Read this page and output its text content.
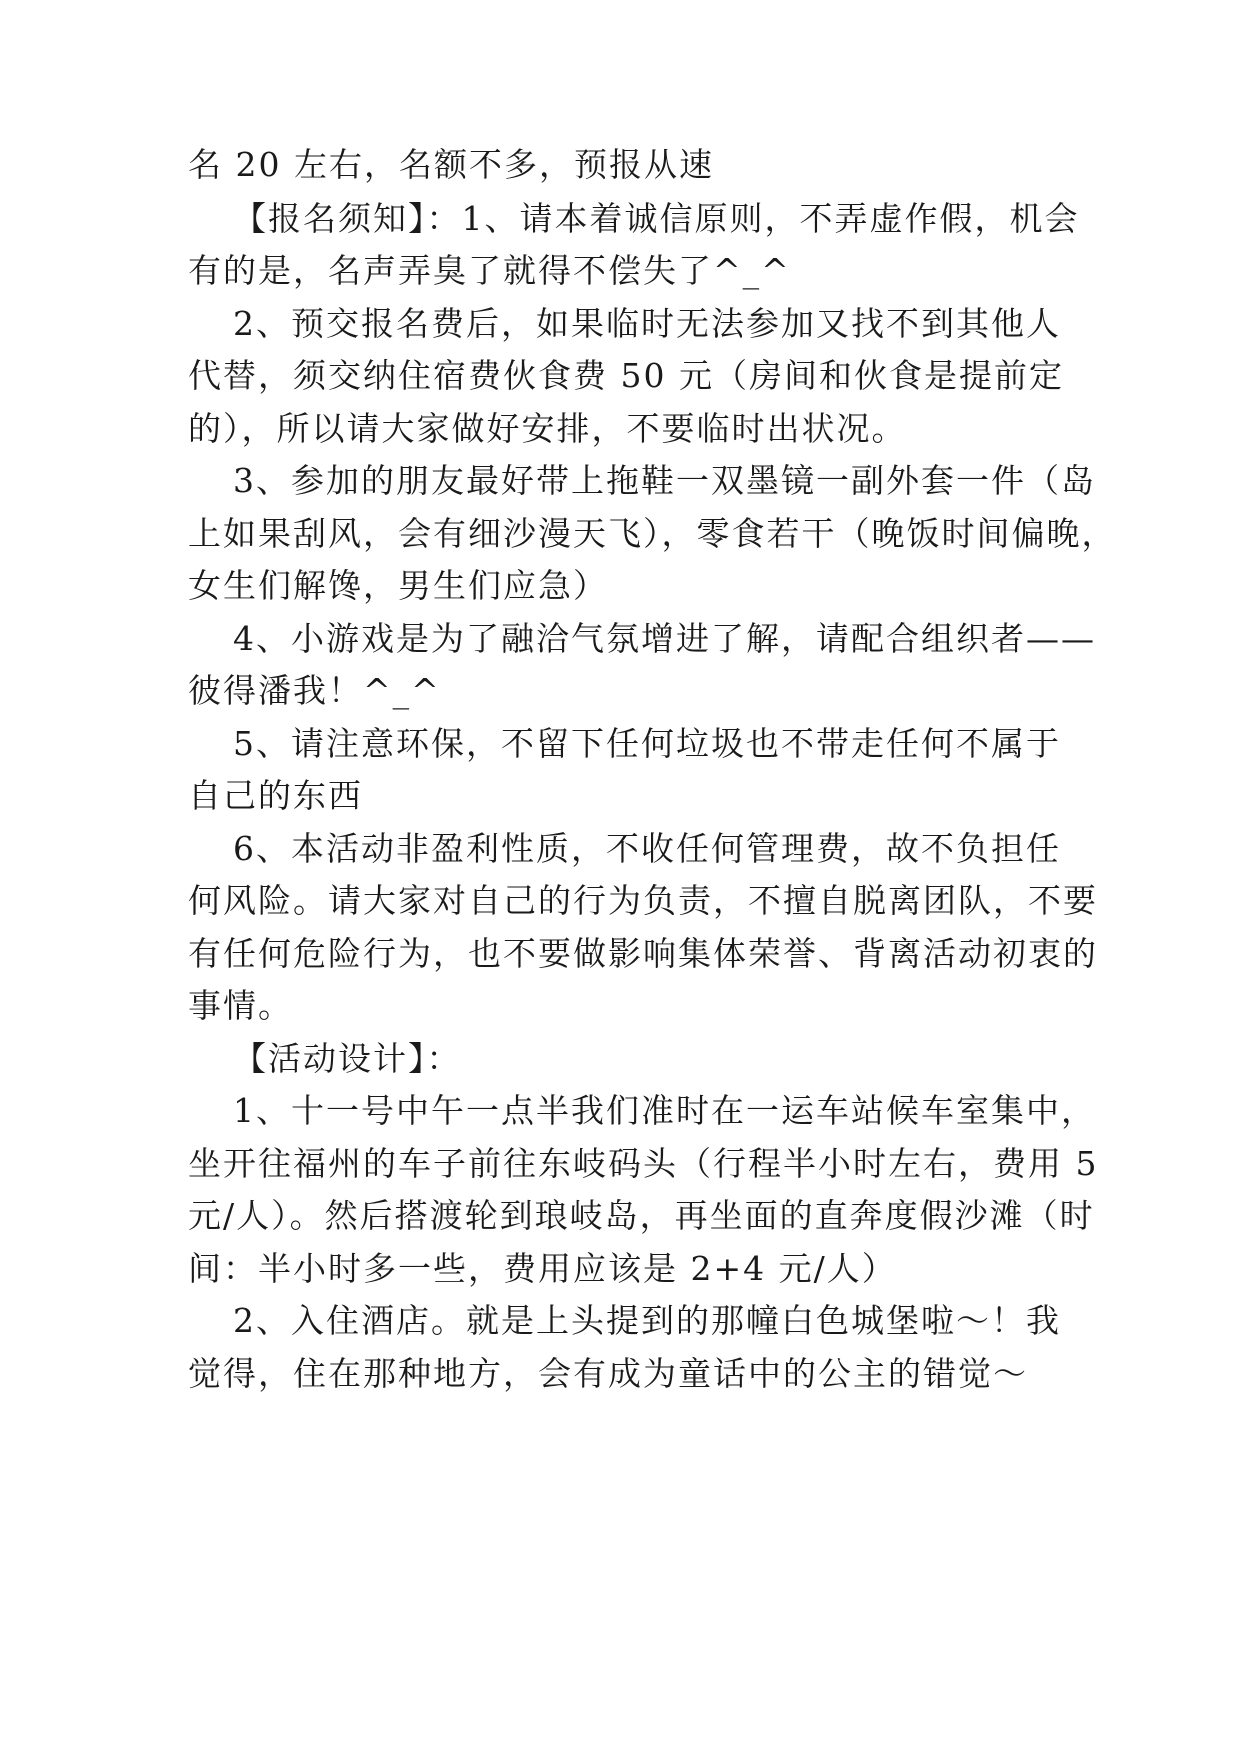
名 20 左右，名额不多，预报从速
【报名须知】：1、请本着诚信原则，不弄虚作假，机会
有的是，名声弄臭了就得不偿失了^_^
2、预交报名费后，如果临时无法参加又找不到其他人
代替，须交纳住宿费伙食费 50 元（房间和伙食是提前定
的），所以请大家做好安排，不要临时出状况。
3、参加的朋友最好带上拖鞋一双墨镜一副外套一件（岛
上如果刮风，会有细沙漫天飞），零食若干（晚饭时间偏晚，
女生们解馋，男生们应急）
4、小游戏是为了融洽气氛增进了解，请配合组织者——
彼得潘我！^_^
5、请注意环保，不留下任何垃圾也不带走任何不属于
自己的东西
6、本活动非盈利性质，不收任何管理费，故不负担任
何风险。请大家对自己的行为负责，不擅自脱离团队，不要
有任何危险行为，也不要做影响集体荣誉、背离活动初衷的
事情。
【活动设计】：
1、十一号中午一点半我们准时在一运车站候车室集中，
坐开往福州的车子前往东岐码头（行程半小时左右，费用 5
元/人）。然后搭渡轮到琅岐岛，再坐面的直奔度假沙滩（时
间：半小时多一些，费用应该是 2+4 元/人）
2、入住酒店。就是上头提到的那幢白色城堡啦～！我
觉得，住在那种地方，会有成为童话中的公主的错觉～
